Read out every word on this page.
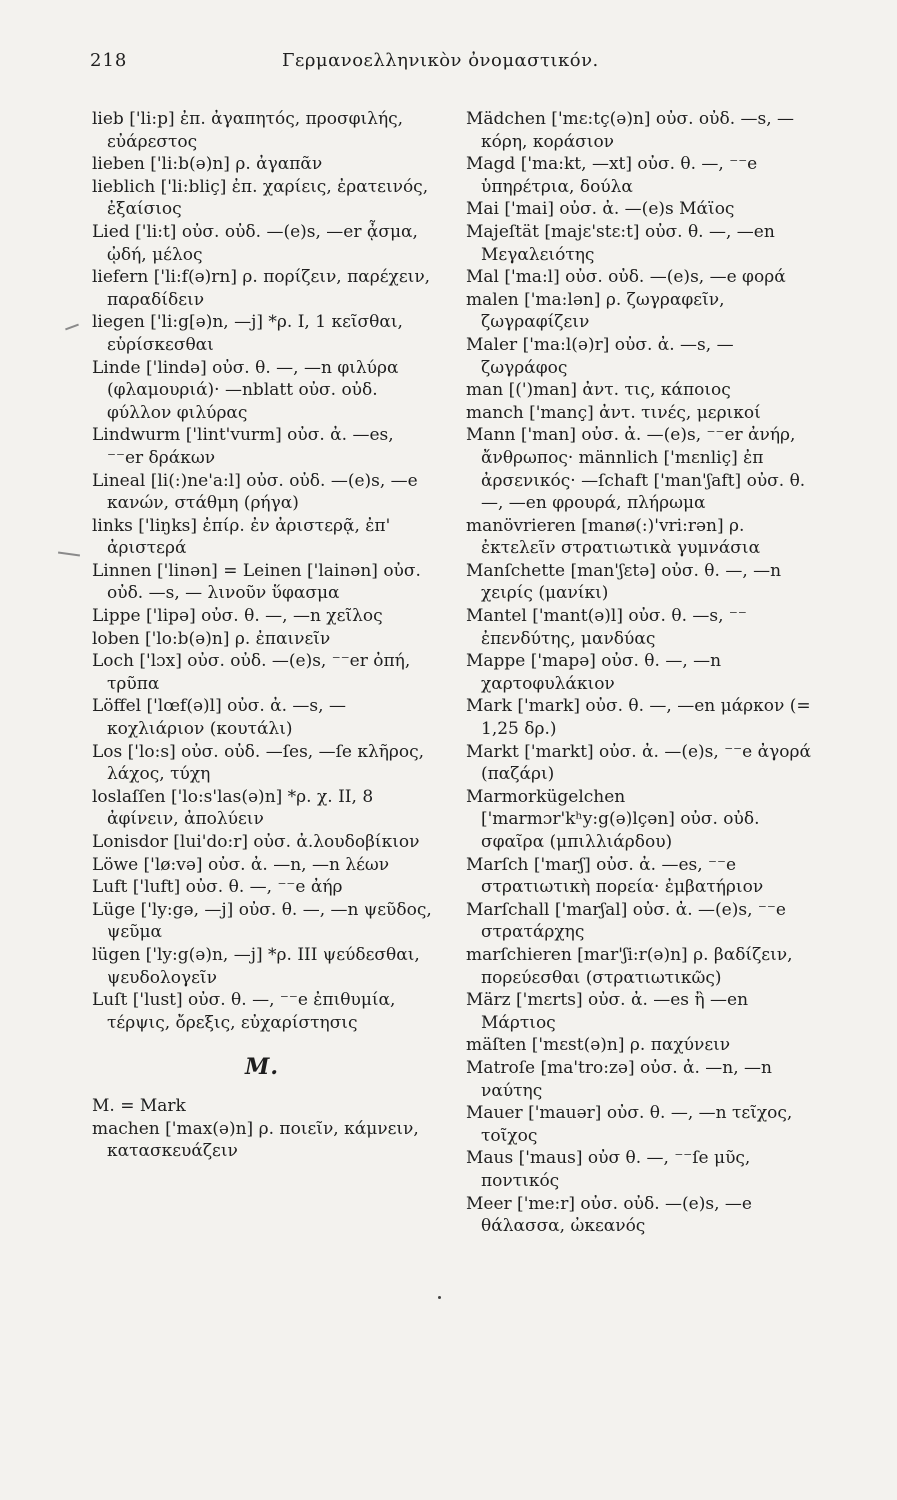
218	Γερμανοελληνικὸν ὀνομαστικόν.

lieb ['li:p] ἐπ. ἀγαπητός, προσφιλής, εὐάρεστος

lieben ['li:b(ə)n] ρ. ἀγαπᾶν

lieblich ['li:bliç] ἐπ. χαρίεις, ἐρατεινός, ἐξαίσιος

Lied ['li:t] οὐσ. οὐδ. —(e)s, —er ᾆσμα, ᾠδή, μέλος

liefern ['li:f(ə)rn] ρ. πορίζειν, παρέχειν, παραδίδειν

liegen ['li:g[ə)n, —j] *ρ. I, 1 κεῖσθαι, εὑρίσκεσθαι

Linde ['lində] οὐσ. θ. —, —n φιλύρα (φλαμουριά)· —nblatt οὐσ. οὐδ. φύλλον φιλύρας

Lindwurm ['lint'vurm] οὐσ. ἀ. —es, ⁻⁻er δράκων

Lineal [li(:)ne'a:l] οὐσ. οὐδ. —(e)s, —e κανών, στάθμη (ρήγα)

links ['liŋks] ἐπίρ. ἐν ἀριστερᾷ, ἐπ' ἀριστερά

Linnen ['linən] = Leinen ['lainən] οὐσ. οὐδ. —s, — λινοῦν ὕφασμα

Lippe ['lipə] οὐσ. θ. —, —n χεῖλος

loben ['lo:b(ə)n] ρ. ἐπαινεῖν

Loch ['lɔx] οὐσ. οὐδ. —(e)s, ⁻⁻er ὀπή, τρῦπα

Löffel ['lœf(ə)l] οὐσ. ἀ. —s, — κοχλιάριον (κουτάλι)

Los ['lo:s] οὐσ. οὐδ. —ſes, —ſe κλῆρος, λάχος, τύχη

loslaſſen ['lo:s'las(ə)n] *ρ. χ. II, 8 ἀφίνειν, ἀπολύειν

Lonisdor [lui'do:r] οὐσ. ἀ.λουδοβίκιον

Löwe ['lø:və] οὐσ. ἀ. —n, —n λέων

Luft ['luft] οὐσ. θ. —, ⁻⁻e ἀήρ

Lüge ['ly:gə, —j] οὐσ. θ. —, —n ψεῦδος, ψεῦμα

lügen ['ly:g(ə)n, —j] *ρ. III ψεύδεσθαι, ψευδολογεῖν

Luſt ['lust] οὐσ. θ. —, ⁻⁻e ἐπιθυμία, τέρψις, ὄρεξις, εὐχαρίστησις

M.

M. = Mark

machen ['max(ə)n] ρ. ποιεῖν, κάμνειν, κατασκευάζειν

Mädchen ['mɛ:tç(ə)n] οὐσ. οὐδ. —s, — κόρη, κοράσιον

Magd ['ma:kt, —xt] οὐσ. θ. —, ⁻⁻e ὑπηρέτρια, δούλα

Mai ['mai] οὐσ. ἀ. —(e)s Μάϊος

Majeſtät [majɛ'stɛ:t] οὐσ. θ. —, —en Μεγαλειότης

Mal ['ma:l] οὐσ. οὐδ. —(e)s, —e φορά

malen ['ma:lən] ρ. ζωγραφεῖν, ζωγραφίζειν

Maler ['ma:l(ə)r] οὐσ. ἀ. —s, — ζωγράφος

man [(')man] ἀντ. τις, κάποιος

manch ['manç] ἀντ. τινές, μερικοί

Mann ['man] οὐσ. ἀ. —(e)s, ⁻⁻er ἀνήρ, ἄνθρωπος· männlich ['mɛnliç] ἐπ ἀρσενικός· —ſchaft ['man'ʃaft] οὐσ. θ. —, —en φρουρά, πλήρωμα

manövrieren [manø(:)'vri:rən] ρ. ἐκτελεῖν στρατιωτικὰ γυμνάσια

Manſchette [man'ʃɛtə] οὐσ. θ. —, —n χειρίς (μανίκι)

Mantel ['mant(ə)l] οὐσ. θ. —s, ⁻⁻ ἐπενδύτης, μανδύας

Mappe ['mapə] οὐσ. θ. —, —n χαρτοφυλάκιον

Mark ['mark] οὐσ. θ. —, —en μάρκον (= 1,25 δρ.)

Markt ['markt] οὐσ. ἀ. —(e)s, ⁻⁻e ἀγορά (παζάρι)

Marmorkügelchen ['marmɔr'kʰy:g(ə)lçən] οὐσ. οὐδ. σφαῖρα (μπιλλιάρδου)

Marſch ['marʃ] οὐσ. ἀ. —es, ⁻⁻e στρατιωτικὴ πορεία· ἐμβατήριον

Marſchall ['marʃal] οὐσ. ἀ. —(e)s, ⁻⁻e στρατάρχης

marſchieren [mar'ʃi:r(ə)n] ρ. βαδίζειν, πορεύεσθαι (στρατιωτικῶς)

März ['mɛrts] οὐσ. ἀ. —es ἢ —en Μάρτιος

mäſten ['mɛst(ə)n] ρ. παχύνειν

Matroſe [ma'tro:zə] οὐσ. ἀ. —n, —n ναύτης

Mauer ['mauər] οὐσ. θ. —, —n τεῖχος, τοῖχος

Maus ['maus] οὐσ θ. —, ⁻⁻ſe μῦς, ποντικός

Meer ['me:r] οὐσ. οὐδ. —(e)s, —e θάλασσα, ὠκεανός
